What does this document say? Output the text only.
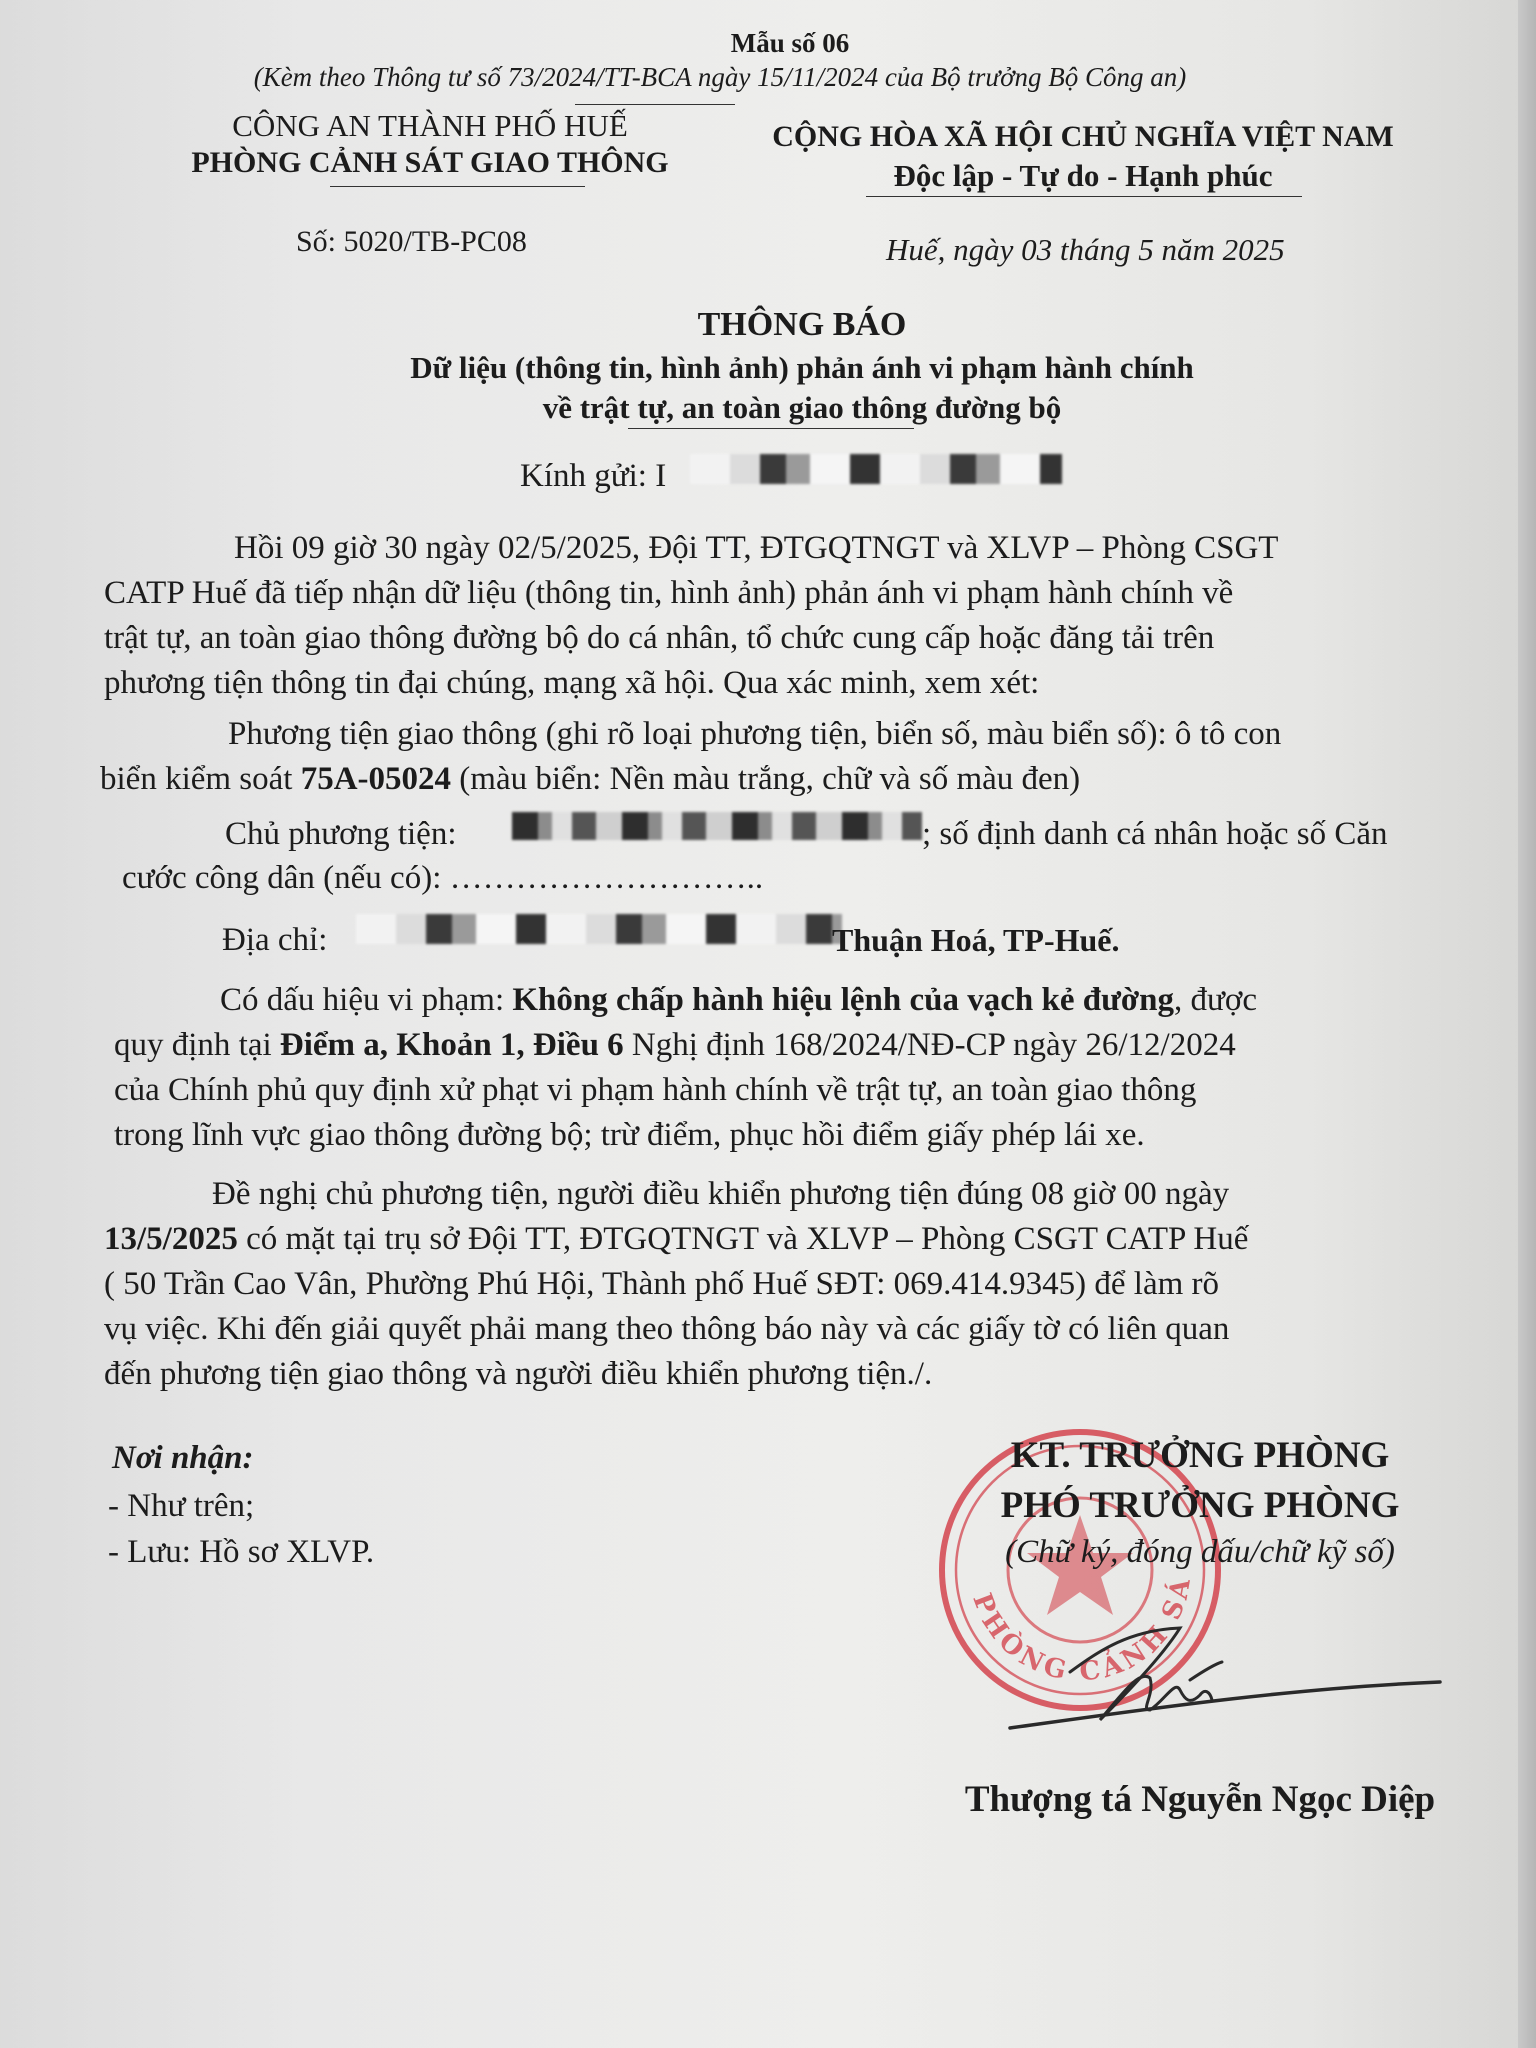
Mẫu số 06
(Kèm theo Thông tư số 73/2024/TT-BCA ngày 15/11/2024 của Bộ trưởng Bộ Công an)
CÔNG AN THÀNH PHỐ HUẾ
PHÒNG CẢNH SÁT GIAO THÔNG
Số: 5020/TB-PC08
CỘNG HÒA XÃ HỘI CHỦ NGHĨA VIỆT NAM
Độc lập - Tự do - Hạnh phúc
Huế, ngày 03 tháng 5 năm 2025
THÔNG BÁO
Dữ liệu (thông tin, hình ảnh) phản ánh vi phạm hành chính
về trật tự, an toàn giao thông đường bộ
Kính gửi: I
Hồi 09 giờ 30 ngày 02/5/2025, Đội TT, ĐTGQTNGT và XLVP – Phòng CSGT
CATP Huế đã tiếp nhận dữ liệu (thông tin, hình ảnh) phản ánh vi phạm hành chính về
trật tự, an toàn giao thông đường bộ do cá nhân, tổ chức cung cấp hoặc đăng tải trên
phương tiện thông tin đại chúng, mạng xã hội. Qua xác minh, xem xét:
Phương tiện giao thông (ghi rõ loại phương tiện, biển số, màu biển số): ô tô con
biển kiểm soát 75A-05024 (màu biển: Nền màu trắng, chữ và số màu đen)
Chủ phương tiện:	; số định danh cá nhân hoặc số Căn
cước công dân (nếu có): ………………………..
Địa chỉ:	Thuận Hoá, TP-Huế.
Có dấu hiệu vi phạm: Không chấp hành hiệu lệnh của vạch kẻ đường, được
quy định tại Điểm a, Khoản 1, Điều 6 Nghị định 168/2024/NĐ-CP ngày 26/12/2024
của Chính phủ quy định xử phạt vi phạm hành chính về trật tự, an toàn giao thông
trong lĩnh vực giao thông đường bộ; trừ điểm, phục hồi điểm giấy phép lái xe.
Đề nghị chủ phương tiện, người điều khiển phương tiện đúng 08 giờ 00 ngày
13/5/2025 có mặt tại trụ sở Đội TT, ĐTGQTNGT và XLVP – Phòng CSGT CATP Huế
( 50 Trần Cao Vân, Phường Phú Hội, Thành phố Huế SĐT: 069.414.9345) để làm rõ
vụ việc. Khi đến giải quyết phải mang theo thông báo này và các giấy tờ có liên quan
đến phương tiện giao thông và người điều khiển phương tiện./.
Nơi nhận:
- Như trên;
- Lưu: Hồ sơ XLVP.
PHÒNG CẢNH SÁ
KT. TRƯỞNG PHÒNG
PHÓ TRƯỞNG PHÒNG
(Chữ ký, đóng dấu/chữ kỹ số)
Thượng tá Nguyễn Ngọc Diệp
